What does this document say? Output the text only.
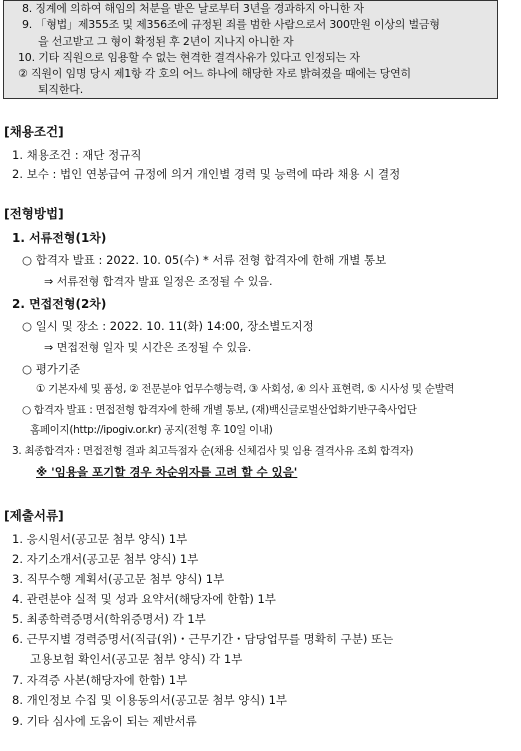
8. 징계에 의하여 해임의 처분을 받은 날로부터 3년을 경과하지 아니한 자
9. 「형법」제355조 및 제356조에 규정된 죄를 범한 사람으로서 300만원 이상의 벌금형
을 선고받고 그 형이 확정된 후 2년이 지나지 아니한 자
10. 기타 직원으로 임용할 수 없는 현격한 결격사유가 있다고 인정되는 자
② 직원이 임명 당시 제1항 각 호의 어느 하나에 해당한 자로 밝혀졌을 때에는 당연히
퇴직한다.
[채용조건]
1. 채용조건 : 재단 정규직
2. 보수 : 법인 연봉급여 규정에 의거 개인별 경력 및 능력에 따라 채용 시 결정
[전형방법]
1. 서류전형(1차)
○ 합격자 발표 : 2022. 10. 05(수) * 서류 전형 합격자에 한해 개별 통보
⇒ 서류전형 합격자 발표 일정은 조정될 수 있음.
2. 면접전형(2차)
○ 일시 및 장소 : 2022. 10. 11(화) 14:00, 장소별도지정
⇒ 면접전형 일자 및 시간은 조정될 수 있음.
○ 평가기준
① 기본자세 및 품성, ② 전문분야 업무수행능력, ③ 사회성, ④ 의사 표현력, ⑤ 시사성 및 순발력
○ 합격자 발표 : 면접전형 합격자에 한해 개별 통보, (재)백신글로벌산업화기반구축사업단
홈페이지(http://ipogiv.or.kr) 공지(전형 후 10일 이내)
3. 최종합격자 : 면접전형 결과 최고득점자 순(채용 신체검사 및 임용 결격사유 조회 합격자)
※ '임용을 포기할 경우 차순위자를 고려 할 수 있음'
[제출서류]
1. 응시원서(공고문 첨부 양식) 1부
2. 자기소개서(공고문 첨부 양식) 1부
3. 직무수행 계획서(공고문 첨부 양식) 1부
4. 관련분야 실적 및 성과 요약서(해당자에 한함) 1부
5. 최종학력증명서(학위증명서) 각 1부
6. 근무지별 경력증명서(직급(위)・근무기간・담당업무를 명확히 구분) 또는
고용보험 확인서(공고문 첨부 양식) 각 1부
7. 자격증 사본(해당자에 한함) 1부
8. 개인정보 수집 및 이용동의서(공고문 첨부 양식) 1부
9. 기타 심사에 도움이 되는 제반서류
